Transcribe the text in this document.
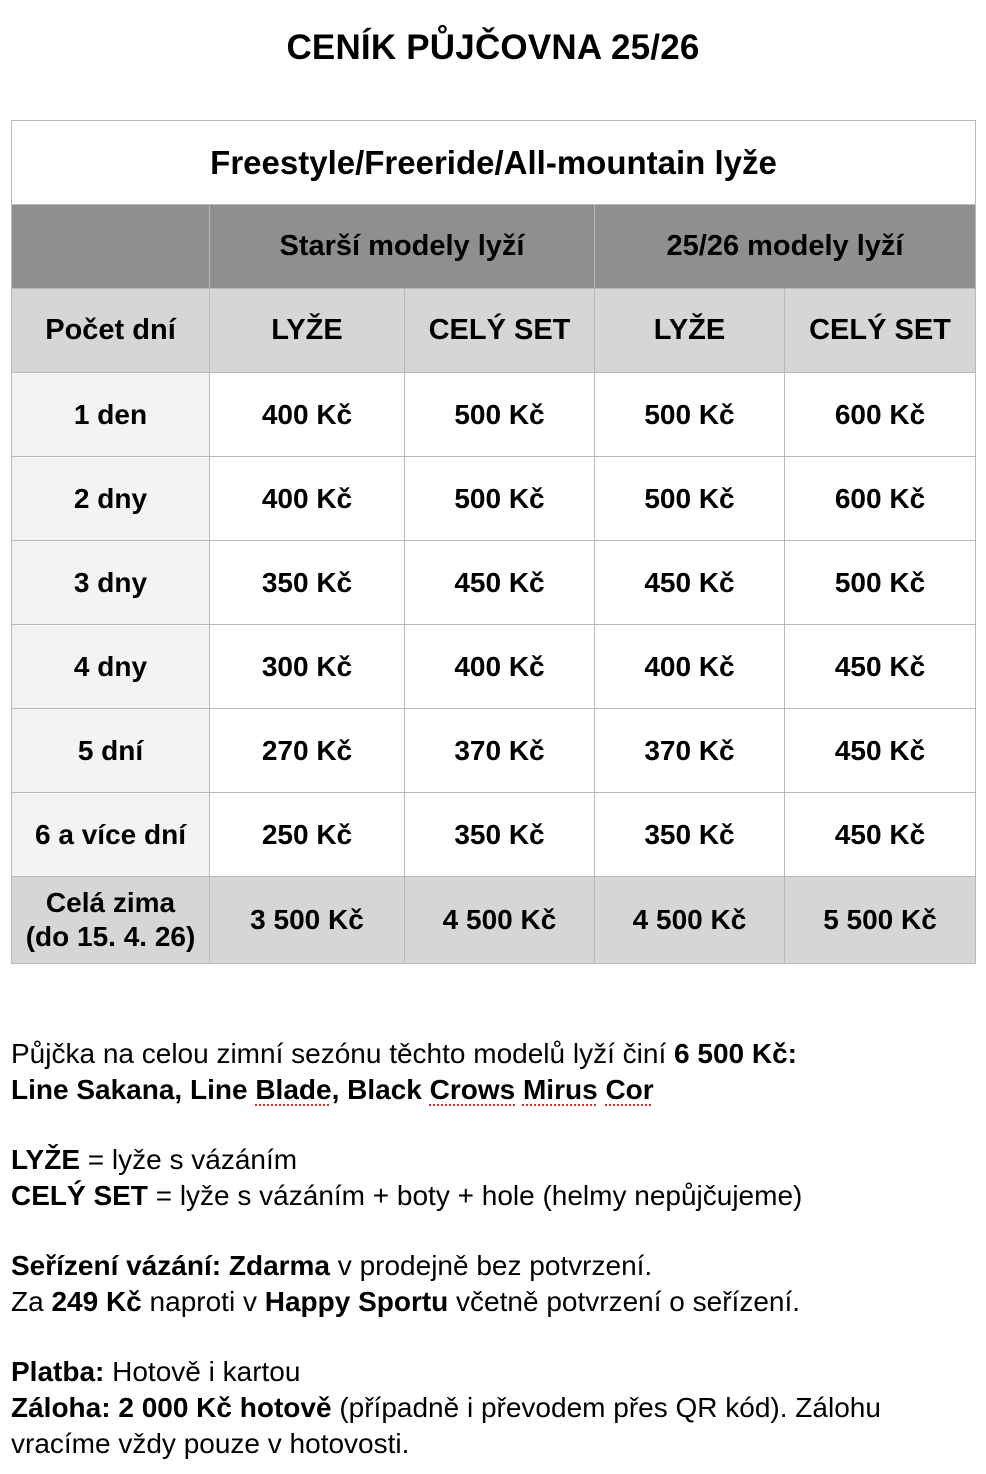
CENÍK PŮJČOVNA 25/26
Freestyle/Freeride/All-mountain lyže				
	Starší modely lyží		25/26 modely lyží	
Počet dní	LYŽE	CELÝ SET	LYŽE	CELÝ SET
1 den	400 Kč	500 Kč	500 Kč	600 Kč
2 dny	400 Kč	500 Kč	500 Kč	600 Kč
3 dny	350 Kč	450 Kč	450 Kč	500 Kč
4 dny	300 Kč	400 Kč	400 Kč	450 Kč
5 dní	270 Kč	370 Kč	370 Kč	450 Kč
6 a více dní	250 Kč	350 Kč	350 Kč	450 Kč
Celá zima
(do 15. 4. 26)	3 500 Kč	4 500 Kč	4 500 Kč	5 500 Kč

Půjčka na celou zimní sezónu těchto modelů lyží činí 6 500 Kč:

Line Sakana, Line Blade, Black Crows Mirus Cor

LYŽE = lyže s vázáním

CELÝ SET = lyže s vázáním + boty + hole (helmy nepůjčujeme)

Seřízení vázání: Zdarma v prodejně bez potvrzení.

Za 249 Kč naproti v Happy Sportu včetně potvrzení o seřízení.

Platba: Hotově i kartou

Záloha: 2 000 Kč hotově (případně i převodem přes QR kód). Zálohu vracíme vždy pouze v hotovosti.
